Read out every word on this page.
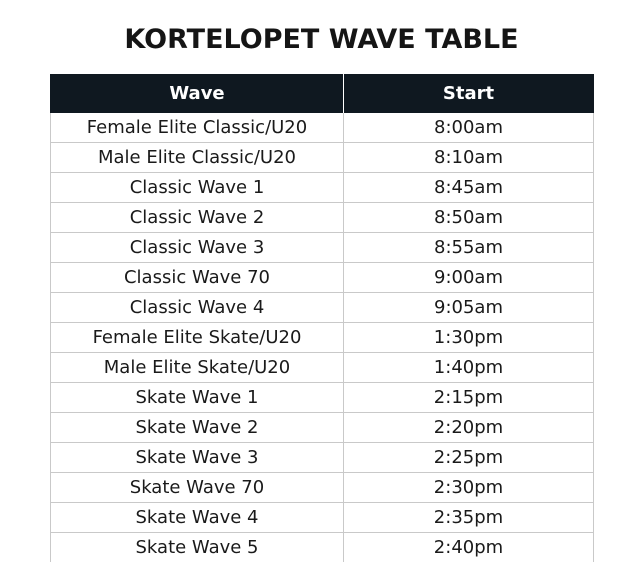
KORTELOPET WAVE TABLE
Wave	Start
Female Elite Classic/U20	8:00am
Male Elite Classic/U20	8:10am
Classic Wave 1	8:45am
Classic Wave 2	8:50am
Classic Wave 3	8:55am
Classic Wave 70	9:00am
Classic Wave 4	9:05am
Female Elite Skate/U20	1:30pm
Male Elite Skate/U20	1:40pm
Skate Wave 1	2:15pm
Skate Wave 2	2:20pm
Skate Wave 3	2:25pm
Skate Wave 70	2:30pm
Skate Wave 4	2:35pm
Skate Wave 5	2:40pm
